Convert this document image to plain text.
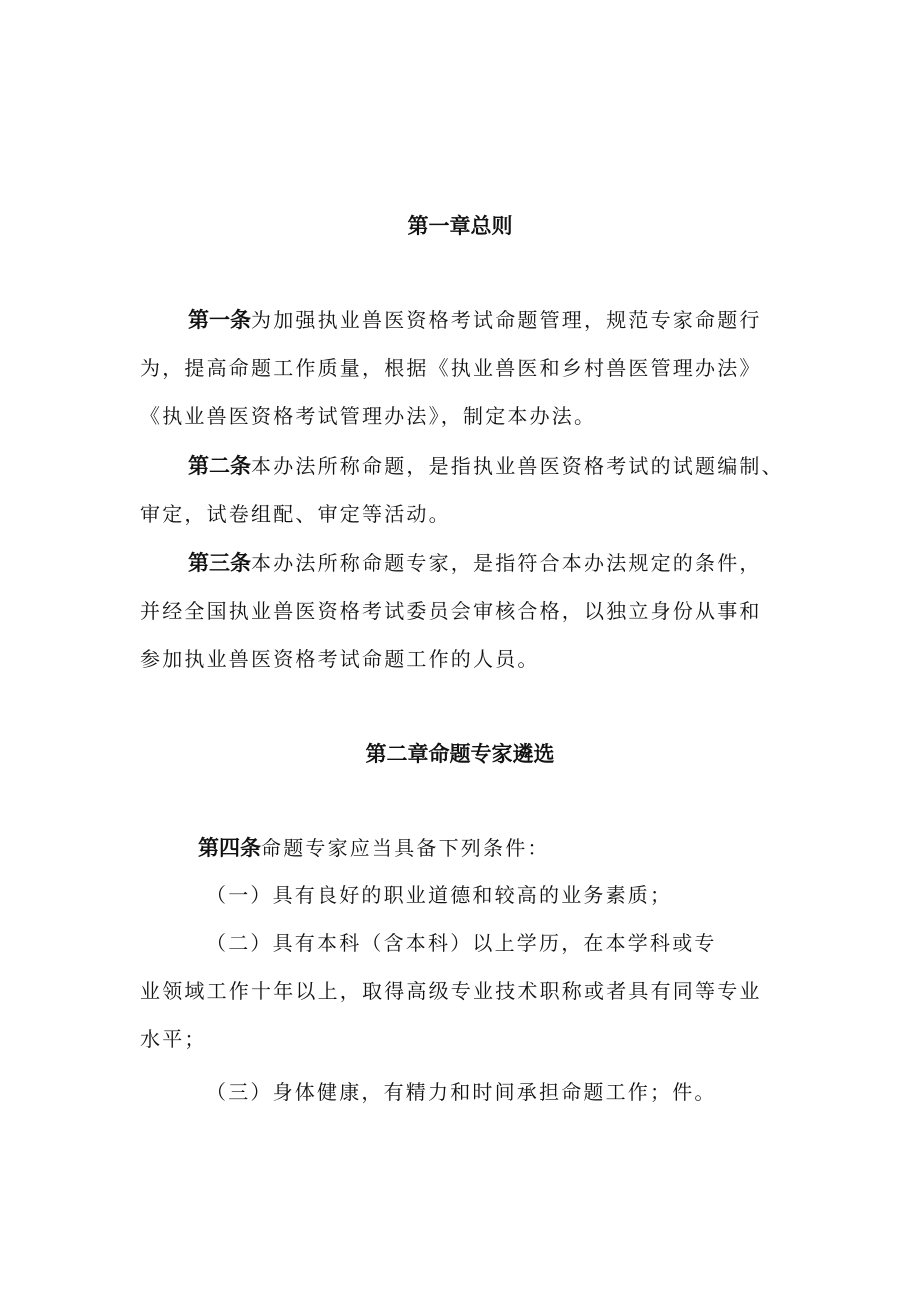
第一章总则
第一条为加强执业兽医资格考试命题管理，规范专家命题行
为，提高命题工作质量，根据《执业兽医和乡村兽医管理办法》
《执业兽医资格考试管理办法》，制定本办法。
第二条本办法所称命题，是指执业兽医资格考试的试题编制、
审定，试卷组配、审定等活动。
第三条本办法所称命题专家，是指符合本办法规定的条件，
并经全国执业兽医资格考试委员会审核合格，以独立身份从事和
参加执业兽医资格考试命题工作的人员。
第二章命题专家遴选
第四条命题专家应当具备下列条件：
（一）具有良好的职业道德和较高的业务素质；
（二）具有本科（含本科）以上学历，在本学科或专
业领域工作十年以上，取得高级专业技术职称或者具有同等专业
水平；
（三）身体健康，有精力和时间承担命题工作；件。
